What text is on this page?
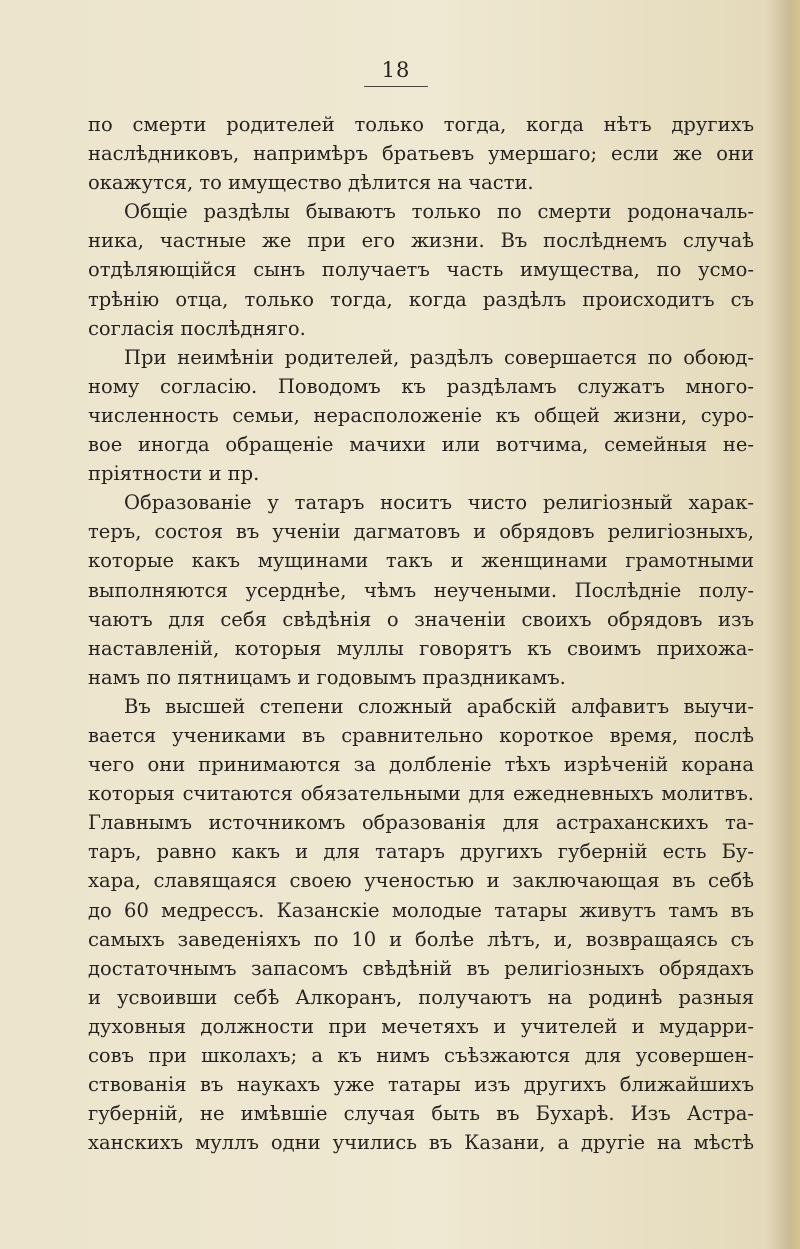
18
по смерти родителей только тогда, когда нѣтъ другихъ
наслѣдниковъ, напримѣръ братьевъ умершаго; если же они
окажутся, то имущество дѣлится на части.
Общіе раздѣлы бываютъ только по смерти родоначаль-
ника, частные же при его жизни. Въ послѣднемъ случаѣ
отдѣляющійся сынъ получаетъ часть имущества, по усмо-
трѣнію отца, только тогда, когда раздѣлъ происходитъ съ
согласія послѣдняго.
При неимѣніи родителей, раздѣлъ совершается по обоюд-
ному согласію. Поводомъ къ раздѣламъ служатъ много-
численность семьи, нерасположеніе къ общей жизни, суро-
вое иногда обращеніе мачихи или вотчима, семейныя не-
пріятности и пр.
Образованіе у татаръ носитъ чисто религіозный харак-
теръ, состоя въ ученіи дагматовъ и обрядовъ религіозныхъ,
которые какъ мущинами такъ и женщинами грамотными
выполняются усерднѣе, чѣмъ неучеными. Послѣдніе полу-
чаютъ для себя свѣдѣнія о значеніи своихъ обрядовъ изъ
наставленій, которыя муллы говорятъ къ своимъ прихожа-
намъ по пятницамъ и годовымъ праздникамъ.
Въ высшей степени сложный арабскій алфавитъ выучи-
вается учениками въ сравнительно короткое время, послѣ
чего они принимаются за долбленіе тѣхъ изрѣченій корана
которыя считаются обязательными для ежедневныхъ молитвъ.
Главнымъ источникомъ образованія для астраханскихъ та-
таръ, равно какъ и для татаръ другихъ губерній есть Бу-
хара, славящаяся своею ученостью и заключающая въ себѣ
до 60 медрессъ. Казанскіе молодые татары живутъ тамъ въ
самыхъ заведеніяхъ по 10 и болѣе лѣтъ, и, возвращаясь съ
достаточнымъ запасомъ свѣдѣній въ религіозныхъ обрядахъ
и усвоивши себѣ Алкоранъ, получаютъ на родинѣ разныя
духовныя должности при мечетяхъ и учителей и мударри-
совъ при школахъ; а къ нимъ съѣзжаются для усовершен-
ствованія въ наукахъ уже татары изъ другихъ ближайшихъ
губерній, не имѣвшіе случая быть въ Бухарѣ. Изъ Астра-
ханскихъ муллъ одни учились въ Казани, а другіе на мѣстѣ
